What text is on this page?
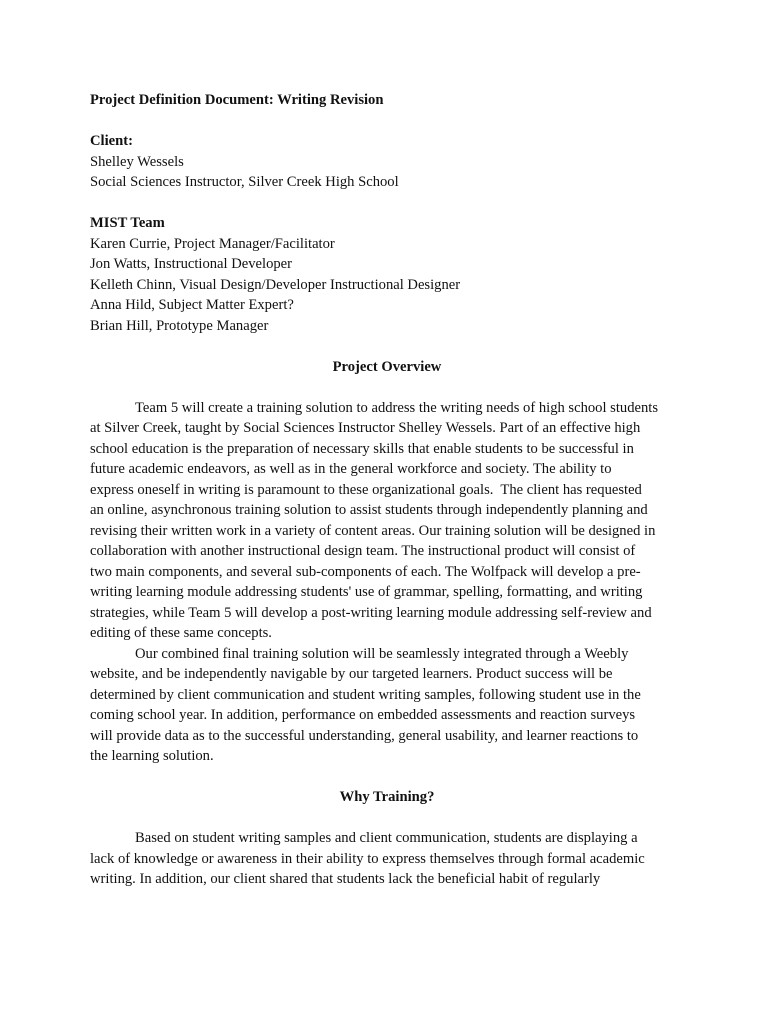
Project Definition Document: Writing Revision

Client:

Shelley Wessels

Social Sciences Instructor, Silver Creek High School

MIST Team

Karen Currie, Project Manager/Facilitator

Jon Watts, Instructional Developer

Kelleth Chinn, Visual Design/Developer Instructional Designer

Anna Hild, Subject Matter Expert?

Brian Hill, Prototype Manager

Project Overview

Team 5 will create a training solution to address the writing needs of high school students
at Silver Creek, taught by Social Sciences Instructor Shelley Wessels. Part of an effective high
school education is the preparation of necessary skills that enable students to be successful in
future academic endeavors, as well as in the general workforce and society. The ability to
express oneself in writing is paramount to these organizational goals.  The client has requested
an online, asynchronous training solution to assist students through independently planning and
revising their written work in a variety of content areas. Our training solution will be designed in
collaboration with another instructional design team. The instructional product will consist of
two main components, and several sub-components of each. The Wolfpack will develop a pre-
writing learning module addressing students' use of grammar, spelling, formatting, and writing
strategies, while Team 5 will develop a post-writing learning module addressing self-review and
editing of these same concepts.
Our combined final training solution will be seamlessly integrated through a Weebly
website, and be independently navigable by our targeted learners. Product success will be
determined by client communication and student writing samples, following student use in the
coming school year. In addition, performance on embedded assessments and reaction surveys
will provide data as to the successful understanding, general usability, and learner reactions to
the learning solution.

Why Training?

Based on student writing samples and client communication, students are displaying a
lack of knowledge or awareness in their ability to express themselves through formal academic
writing. In addition, our client shared that students lack the beneficial habit of regularly
